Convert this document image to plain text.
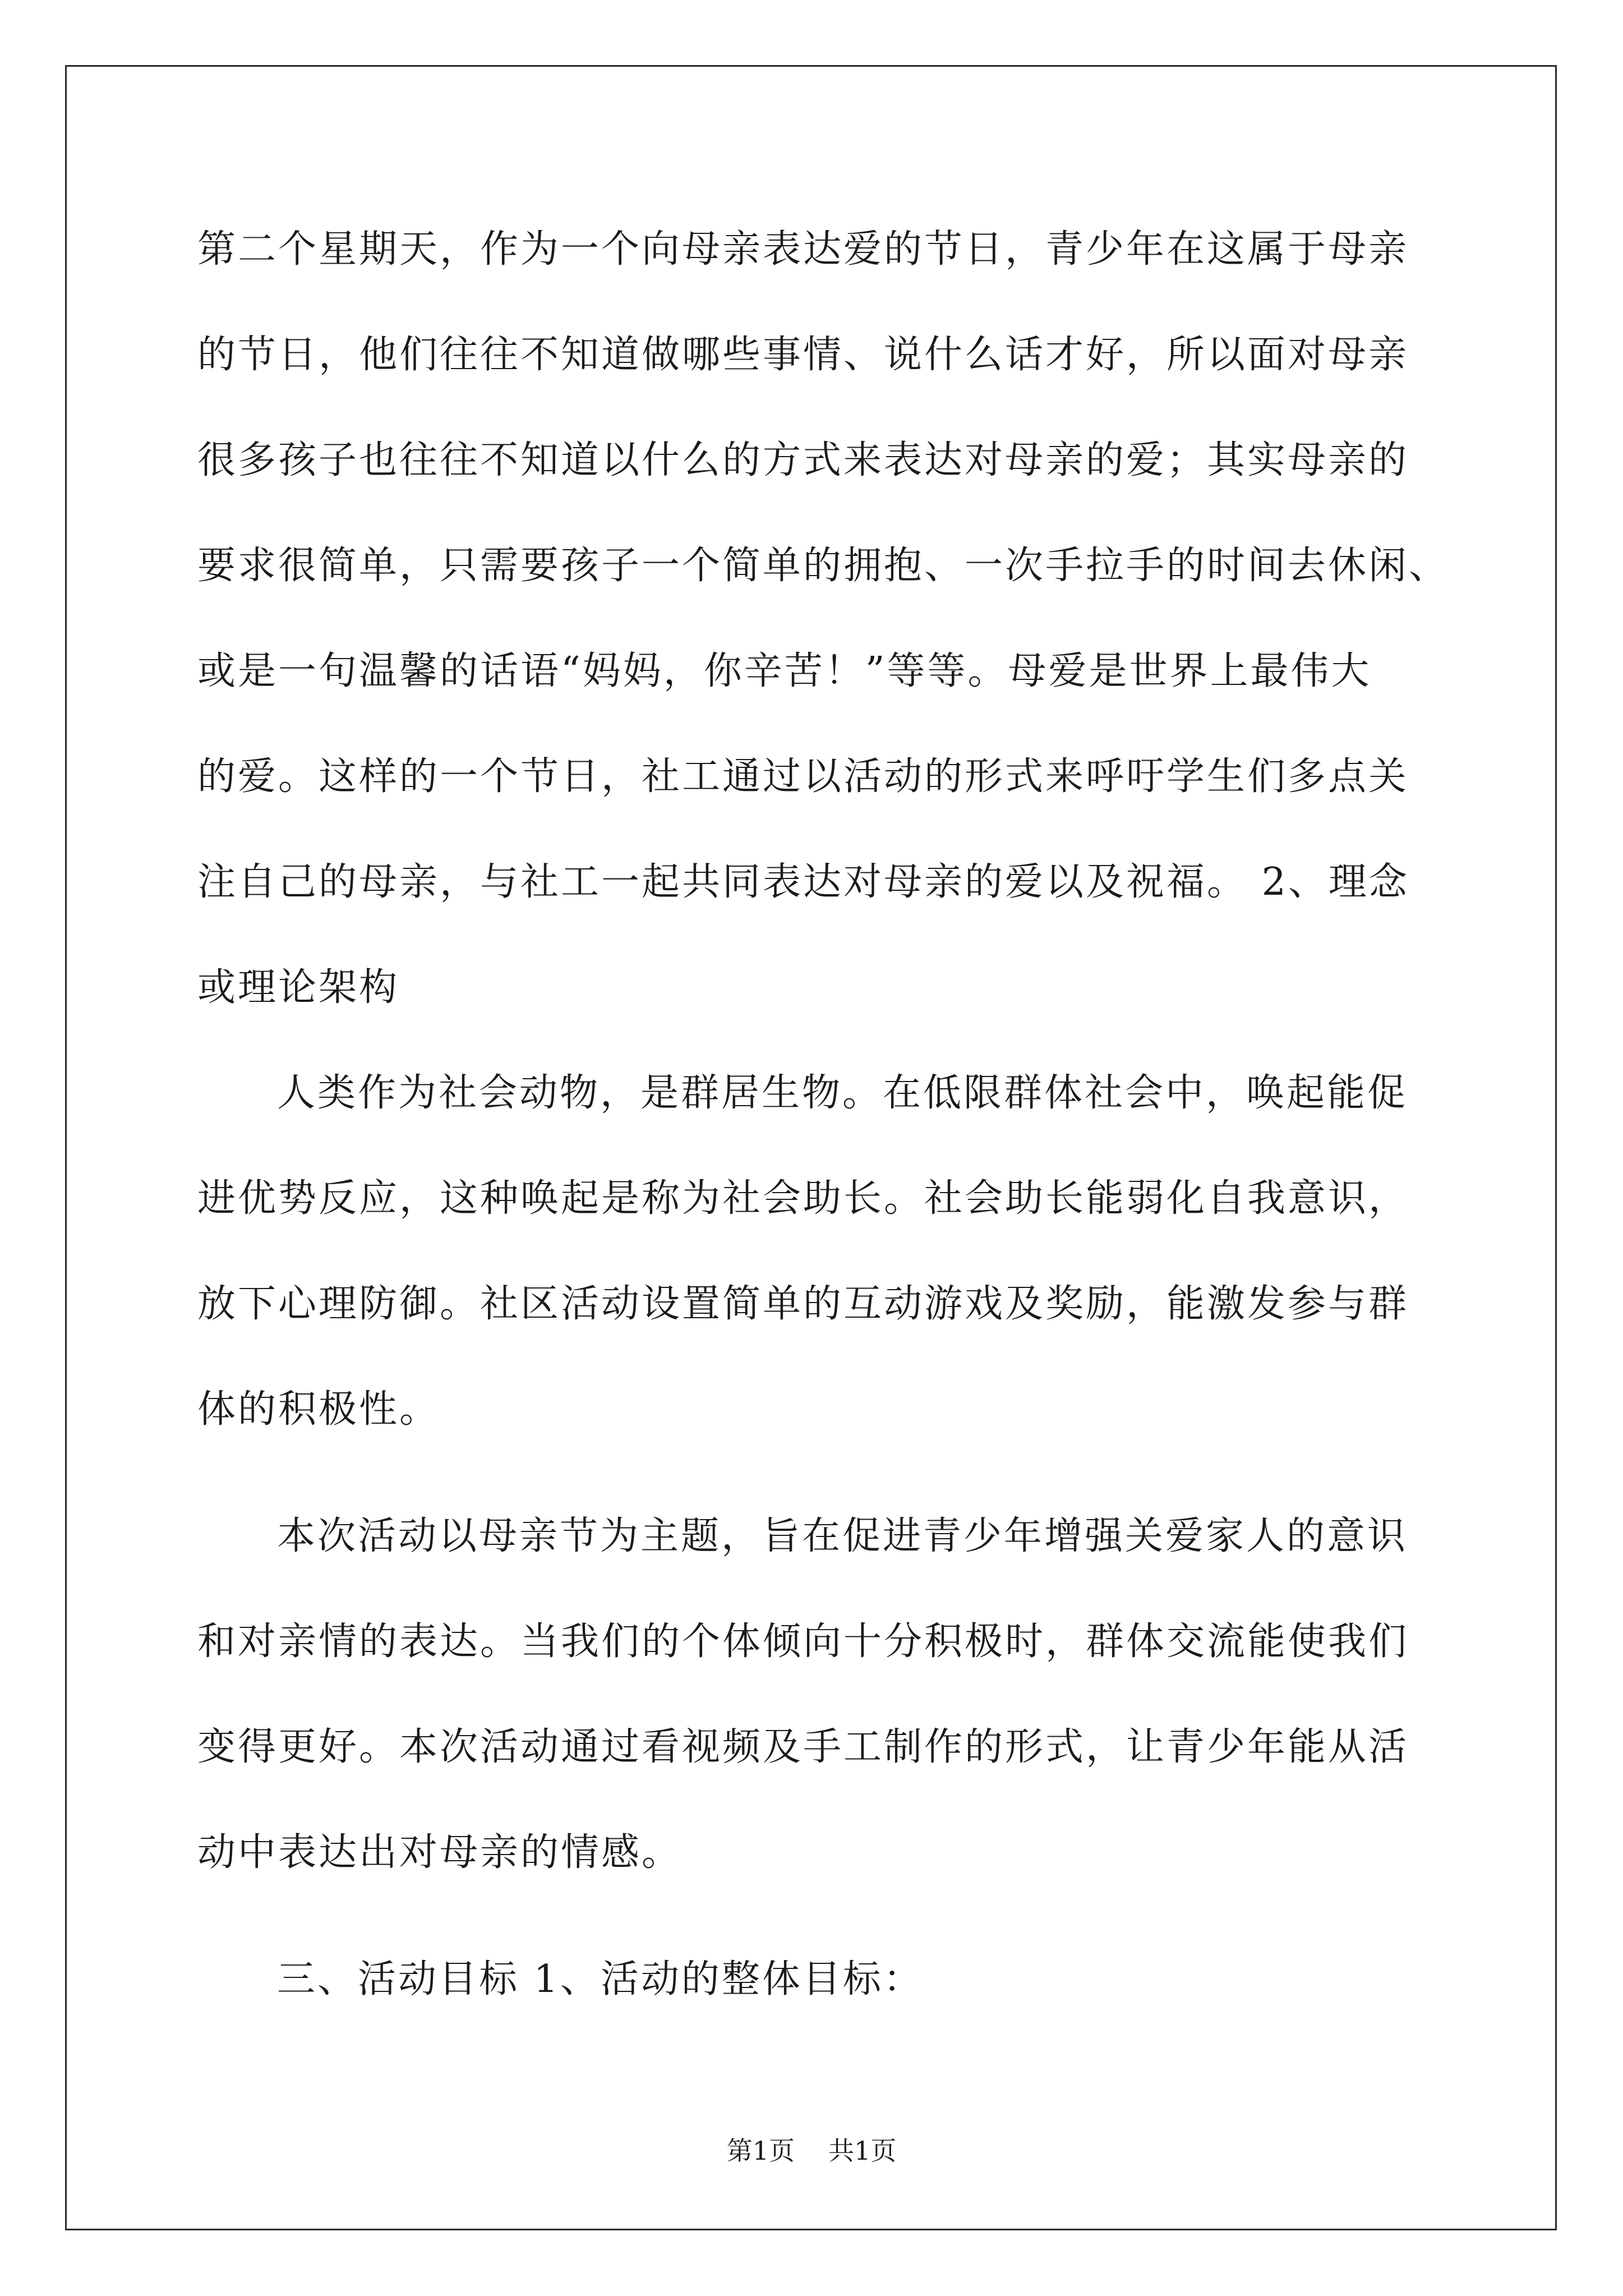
第二个星期天，作为一个向母亲表达爱的节日，青少年在这属于母亲
的节日，他们往往不知道做哪些事情、说什么话才好，所以面对母亲
很多孩子也往往不知道以什么的方式来表达对母亲的爱；其实母亲的
要求很简单，只需要孩子一个简单的拥抱、一次手拉手的时间去休闲、
或是一句温馨的话语“妈妈，你辛苦！”等等。母爱是世界上最伟大
的爱。这样的一个节日，社工通过以活动的形式来呼吁学生们多点关
注自己的母亲，与社工一起共同表达对母亲的爱以及祝福。 2、理念
或理论架构
人类作为社会动物，是群居生物。在低限群体社会中，唤起能促
进优势反应，这种唤起是称为社会助长。社会助长能弱化自我意识，
放下心理防御。社区活动设置简单的互动游戏及奖励，能激发参与群
体的积极性。
本次活动以母亲节为主题，旨在促进青少年增强关爱家人的意识
和对亲情的表达。当我们的个体倾向十分积极时，群体交流能使我们
变得更好。本次活动通过看视频及手工制作的形式，让青少年能从活
动中表达出对母亲的情感。
三、活动目标 1、活动的整体目标：
第1页 共1页
